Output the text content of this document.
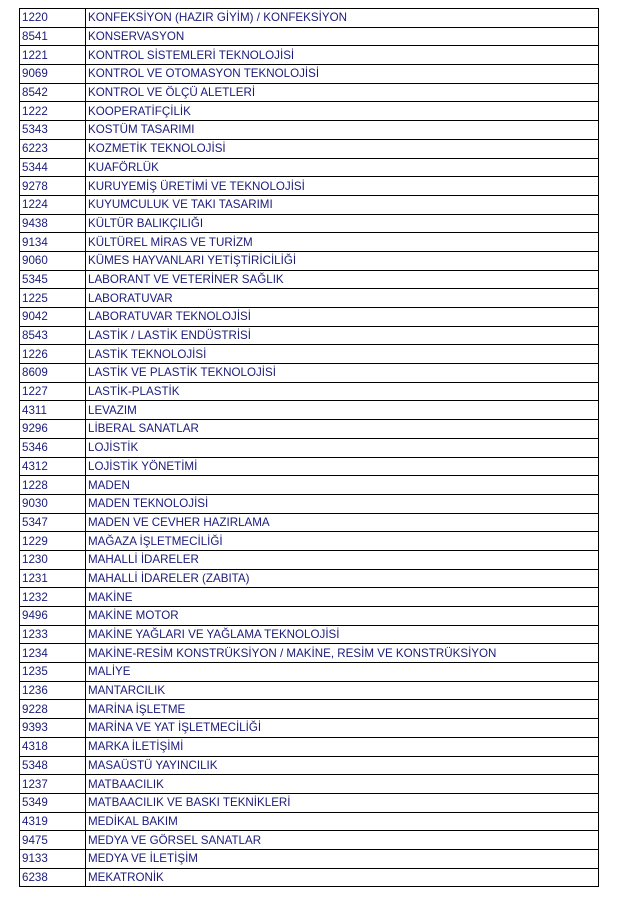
1220	KONFEKSİYON (HAZIR GİYİM) / KONFEKSİYON
8541	KONSERVASYON
1221	KONTROL SİSTEMLERİ TEKNOLOJİSİ
9069	KONTROL VE OTOMASYON TEKNOLOJİSİ
8542	KONTROL VE ÖLÇÜ ALETLERİ
1222	KOOPERATİFÇİLİK
5343	KOSTÜM TASARIMI
6223	KOZMETİK TEKNOLOJİSİ
5344	KUAFÖRLÜK
9278	KURUYEMİŞ ÜRETİMİ VE TEKNOLOJİSİ
1224	KUYUMCULUK VE TAKI TASARIMI
9438	KÜLTÜR BALIKÇILIĞI
9134	KÜLTÜREL MİRAS VE TURİZM
9060	KÜMES HAYVANLARI YETİŞTİRİCİLİĞİ
5345	LABORANT VE VETERİNER SAĞLIK
1225	LABORATUVAR
9042	LABORATUVAR TEKNOLOJİSİ
8543	LASTİK / LASTİK ENDÜSTRİSİ
1226	LASTİK TEKNOLOJİSİ
8609	LASTİK VE PLASTİK TEKNOLOJİSİ
1227	LASTİK-PLASTİK
4311	LEVAZIM
9296	LİBERAL SANATLAR
5346	LOJİSTİK
4312	LOJİSTİK YÖNETİMİ
1228	MADEN
9030	MADEN TEKNOLOJİSİ
5347	MADEN VE CEVHER HAZIRLAMA
1229	MAĞAZA İŞLETMECİLİĞİ
1230	MAHALLİ İDARELER
1231	MAHALLİ İDARELER (ZABITA)
1232	MAKİNE
9496	MAKİNE MOTOR
1233	MAKİNE YAĞLARI VE YAĞLAMA TEKNOLOJİSİ
1234	MAKİNE-RESİM KONSTRÜKSİYON / MAKİNE, RESİM VE KONSTRÜKSİYON
1235	MALİYE
1236	MANTARCILIK
9228	MARİNA İŞLETME
9393	MARİNA VE YAT İŞLETMECİLİĞİ
4318	MARKA İLETİŞİMİ
5348	MASAÜSTÜ YAYINCILIK
1237	MATBAACILIK
5349	MATBAACILIK VE BASKI TEKNİKLERİ
4319	MEDİKAL BAKIM
9475	MEDYA VE GÖRSEL SANATLAR
9133	MEDYA VE İLETİŞİM
6238	MEKATRONİK
